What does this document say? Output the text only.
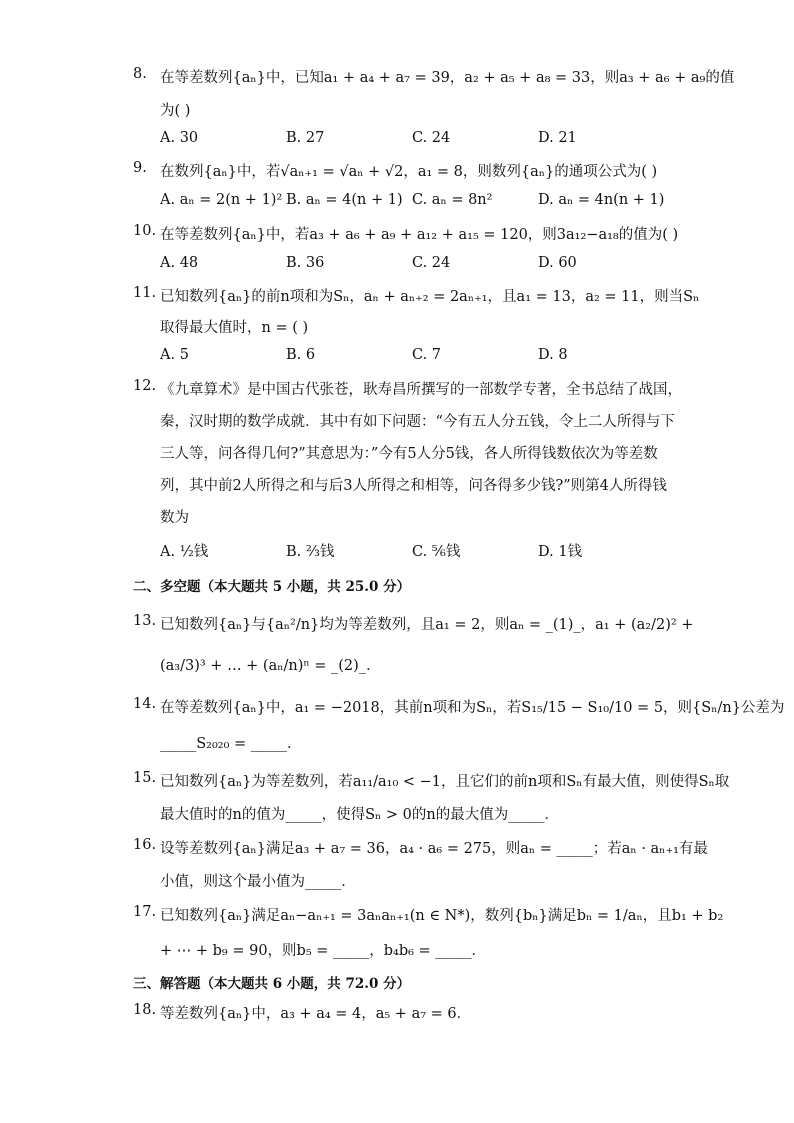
8. 在等差数列{aₙ}中，已知a₁ + a₄ + a₇ = 39，a₂ + a₅ + a₈ = 33，则a₃ + a₆ + a₉的值
为( )
A. 30	B. 27	C. 24	D. 21
9. 在数列{aₙ}中，若√aₙ₊₁ = √aₙ + √2，a₁ = 8，则数列{aₙ}的通项公式为( )
A. aₙ = 2(n + 1)² B. aₙ = 4(n + 1) C. aₙ = 8n²	D. aₙ = 4n(n + 1)
10. 在等差数列{aₙ}中，若a₃ + a₆ + a₉ + a₁₂ + a₁₅ = 120，则3a₁₂−a₁₈的值为( )
A. 48	B. 36	C. 24	D. 60
11. 已知数列{aₙ}的前n项和为Sₙ，aₙ + aₙ₊₂ = 2aₙ₊₁，且a₁ = 13，a₂ = 11，则当Sₙ
取得最大值时，n = ( )
A. 5	B. 6	C. 7	D. 8
12. 《九章算术》是中国古代张苍，耿寿昌所撰写的一部数学专著，全书总结了战国，
秦，汉时期的数学成就．其中有如下问题：“今有五人分五钱，令上二人所得与下
三人等，问各得几何?”其意思为：”今有5人分5钱，各人所得钱数依次为等差数
列，其中前2人所得之和与后3人所得之和相等，问各得多少钱?”则第4人所得钱
数为
A. ½钱	B. ⅔钱	C. ⅚钱	D. 1钱
二、多空题（本大题共 5 小题，共 25.0 分）
13. 已知数列{aₙ}与{aₙ²/n}均为等差数列，且a₁ = 2，则aₙ = _(1)_，a₁ + (a₂/2)² +
(a₃/3)³ + … + (aₙ/n)ⁿ = _(2)_．
14. 在等差数列{aₙ}中，a₁ = −2018，其前n项和为Sₙ，若S₁₅/15 − S₁₀/10 = 5，则{Sₙ/n}公差为
_____S₂₀₂₀ = _____．
15. 已知数列{aₙ}为等差数列，若a₁₁/a₁₀ < −1，且它们的前n项和Sₙ有最大值，则使得Sₙ取
最大值时的n的值为_____，使得Sₙ > 0的n的最大值为_____．
16. 设等差数列{aₙ}满足a₃ + a₇ = 36，a₄ · a₆ = 275，则aₙ = _____；若aₙ · aₙ₊₁有最
小值，则这个最小值为_____．
17. 已知数列{aₙ}满足aₙ−aₙ₊₁ = 3aₙaₙ₊₁(n ∈ N*)，数列{bₙ}满足bₙ = 1/aₙ，且b₁ + b₂
+ ⋯ + b₉ = 90，则b₅ = _____，b₄b₆ = _____．
三、解答题（本大题共 6 小题，共 72.0 分）
18. 等差数列{aₙ}中，a₃ + a₄ = 4，a₅ + a₇ = 6．
